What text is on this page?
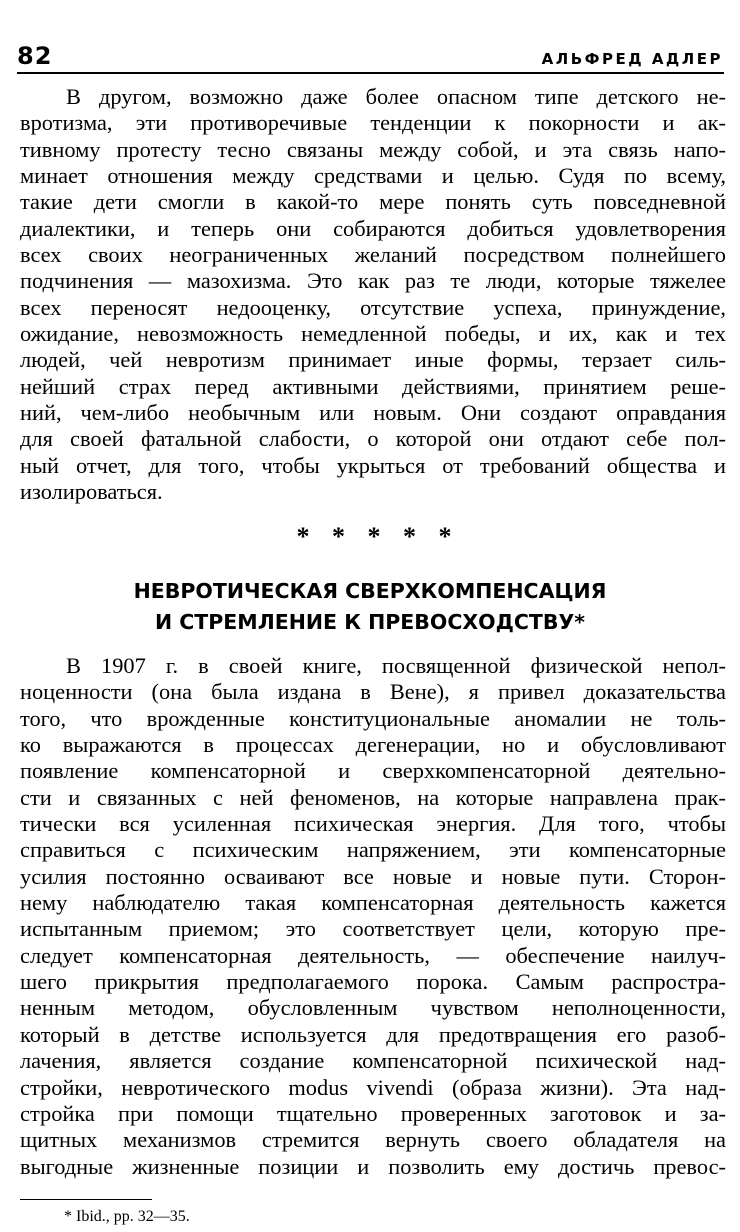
82	АЛЬФРЕД АДЛЕР
В другом, возможно даже более опасном типе детского не-
вротизма, эти противоречивые тенденции к покорности и ак-
тивному протесту тесно связаны между собой, и эта связь напо-
минает отношения между средствами и целью. Судя по всему,
такие дети смогли в какой-то мере понять суть повседневной
диалектики, и теперь они собираются добиться удовлетворения
всех своих неограниченных желаний посредством полнейшего
подчинения — мазохизма. Это как раз те люди, которые тяжелее
всех переносят недооценку, отсутствие успеха, принуждение,
ожидание, невозможность немедленной победы, и их, как и тех
людей, чей невротизм принимает иные формы, терзает силь-
нейший страх перед активными действиями, принятием реше-
ний, чем-либо необычным или новым. Они создают оправдания
для своей фатальной слабости, о которой они отдают себе пол-
ный отчет, для того, чтобы укрыться от требований общества и
изолироваться.
* * * * *
НЕВРОТИЧЕСКАЯ СВЕРХКОМПЕНСАЦИЯ
И СТРЕМЛЕНИЕ К ПРЕВОСХОДСТВУ*
В 1907 г. в своей книге, посвященной физической непол-
ноценности (она была издана в Вене), я привел доказательства
того, что врожденные конституциональные аномалии не толь-
ко выражаются в процессах дегенерации, но и обусловливают
появление компенсаторной и сверхкомпенсаторной деятельно-
сти и связанных с ней феноменов, на которые направлена прак-
тически вся усиленная психическая энергия. Для того, чтобы
справиться с психическим напряжением, эти компенсаторные
усилия постоянно осваивают все новые и новые пути. Сторон-
нему наблюдателю такая компенсаторная деятельность кажется
испытанным приемом; это соответствует цели, которую пре-
следует компенсаторная деятельность, — обеспечение наилуч-
шего прикрытия предполагаемого порока. Самым распростра-
ненным методом, обусловленным чувством неполноценности,
который в детстве используется для предотвращения его разоб-
лачения, является создание компенсаторной психической над-
стройки, невротического modus vivendi (образа жизни). Эта над-
стройка при помощи тщательно проверенных заготовок и за-
щитных механизмов стремится вернуть своего обладателя на
выгодные жизненные позиции и позволить ему достичь превос-
* Ibid., pp. 32—35.
